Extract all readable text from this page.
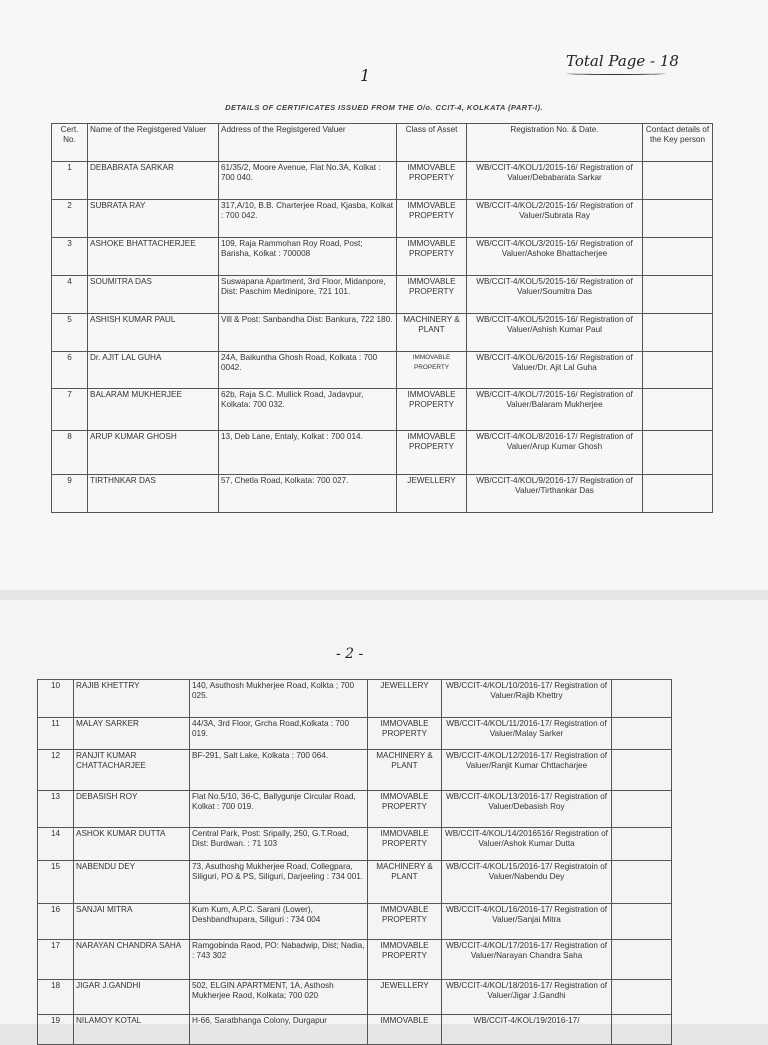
Total Page - 18
1
DETAILS OF CERTIFICATES ISSUED FROM THE O/o. CCIT-4, KOLKATA (PART-I).
Cert. No.	Name of the Registgered Valuer	Address of the Registgered Valuer	Class of Asset	Registration No. & Date.	Contact details of the Key person
1	DEBABRATA SARKAR	61/35/2, Moore Avenue, Flat No.3A, Kolkat : 700 040.	IMMOVABLE PROPERTY	WB/CCIT-4/KOL/1/2015-16/ Registration of Valuer/Debabarata Sarkar	
2	SUBRATA RAY	317,A/10, B.B. Charterjee Road, Kjasba, Kolkat : 700 042.	IMMOVABLE PROPERTY	WB/CCIT-4/KOL/2/2015-16/ Registration of Valuer/Subrata Ray	
3	ASHOKE BHATTACHERJEE	109, Raja Rammohan Roy Road, Post; Barisha, Kolkat : 700008	IMMOVABLE PROPERTY	WB/CCIT-4/KOL/3/2015-16/ Registration of Valuer/Ashoke Bhattacherjee	
4	SOUMITRA DAS	Suswapana Apartment, 3rd Floor, Midanpore, Dist: Paschim Medinipore, 721 101.	IMMOVABLE PROPERTY	WB/CCIT-4/KOL/5/2015-16/ Registration of Valuer/Soumitra Das	
5	ASHISH KUMAR PAUL	Vill & Post: Sanbandha Dist: Bankura, 722 180.	MACHINERY & PLANT	WB/CCIT-4/KOL/5/2015-16/ Registration of Valuer/Ashish Kumar Paul	
6	Dr. AJIT LAL GUHA	24A, Baikuntha Ghosh Road, Kolkata : 700 0042.	IMMOVABLE PROPERTY	WB/CCIT-4/KOL/6/2015-16/ Registration of Valuer/Dr. Ajit Lal Guha	
7	BALARAM MUKHERJEE	62b, Raja S.C. Mullick Road, Jadavpur, Kolkata: 700 032.	IMMOVABLE PROPERTY	WB/CCIT-4/KOL/7/2015-16/ Registration of Valuer/Balaram Mukherjee	
8	ARUP KUMAR GHOSH	13, Deb Lane, Entaly, Kolkat : 700 014.	IMMOVABLE PROPERTY	WB/CCIT-4/KOL/8/2016-17/ Registration of Valuer/Arup Kumar Ghosh	
9	TIRTHNKAR DAS	57, Chetla Road, Kolkata: 700 027.	JEWELLERY	WB/CCIT-4/KOL/9/2016-17/ Registration of Valuer/Tirthankar Das	
- 2 -
10	RAJIB KHETTRY	140, Asuthosh Mukherjee Road, Kolkta ; 700 025.	JEWELLERY	WB/CCIT-4/KOL/10/2016-17/ Registration of Valuer/Rajib Khettry	
11	MALAY SARKER	44/3A, 3rd Floor, Grcha Road,Kolkata : 700 019.	IMMOVABLE PROPERTY	WB/CCIT-4/KOL/11/2016-17/ Registration of Valuer/Malay Sarker	
12	RANJIT KUMAR CHATTACHARJEE	BF-291, Salt Lake, Kolkata : 700 064.	MACHINERY & PLANT	WB/CCIT-4/KOL/12/2016-17/ Registration of Valuer/Ranjit Kumar Chttacharjee	
13	DEBASISH ROY	Flat No.5/10, 36-C, Ballygunje Circular Road, Kolkat : 700 019.	IMMOVABLE PROPERTY	WB/CCIT-4/KOL/13/2016-17/ Registration of Valuer/Debasish Roy	
14	ASHOK KUMAR DUTTA	Central Park, Post: Sripally, 250, G.T.Road, Dist: Burdwan. : 71 103	IMMOVABLE PROPERTY	WB/CCIT-4/KOL/14/2016516/ Registration of Valuer/Ashok Kumar Dutta	
15	NABENDU DEY	73, Asuthoshg Mukherjee Road, Collegpara, Siliguri, PO & PS, Siliguri, Darjeeling : 734 001.	MACHINERY & PLANT	WB/CCIT-4/KOL/15/2016-17/ Registratoin of Valuer/Nabendu Dey	
16	SANJAI MITRA	Kum Kum, A.P.C. Sarani (Lower), Deshbandhupara, Siliguri : 734 004	IMMOVABLE PROPERTY	WB/CCIT-4/KOL/16/2016-17/ Registration of Valuer/Sanjai Mitra	
17	NARAYAN CHANDRA SAHA	Ramgobinda Raod, PO: Nabadwip, Dist; Nadia, : 743 302	IMMOVABLE PROPERTY	WB/CCIT-4/KOL/17/2016-17/ Registration of Valuer/Narayan Chandra Saha	
18	JIGAR J.GANDHI	502, ELGIN APARTMENT, 1A, Asthosh Mukherjee Raod, Kolkata; 700 020	JEWELLERY	WB/CCIT-4/KOL/18/2016-17/ Registration of Valuer/Jigar J.Gandhi	
19	NILAMOY KOTAL	H-66, Saratbhanga Colony, Durgapur	IMMOVABLE	WB/CCIT-4/KOL/19/2016-17/	
